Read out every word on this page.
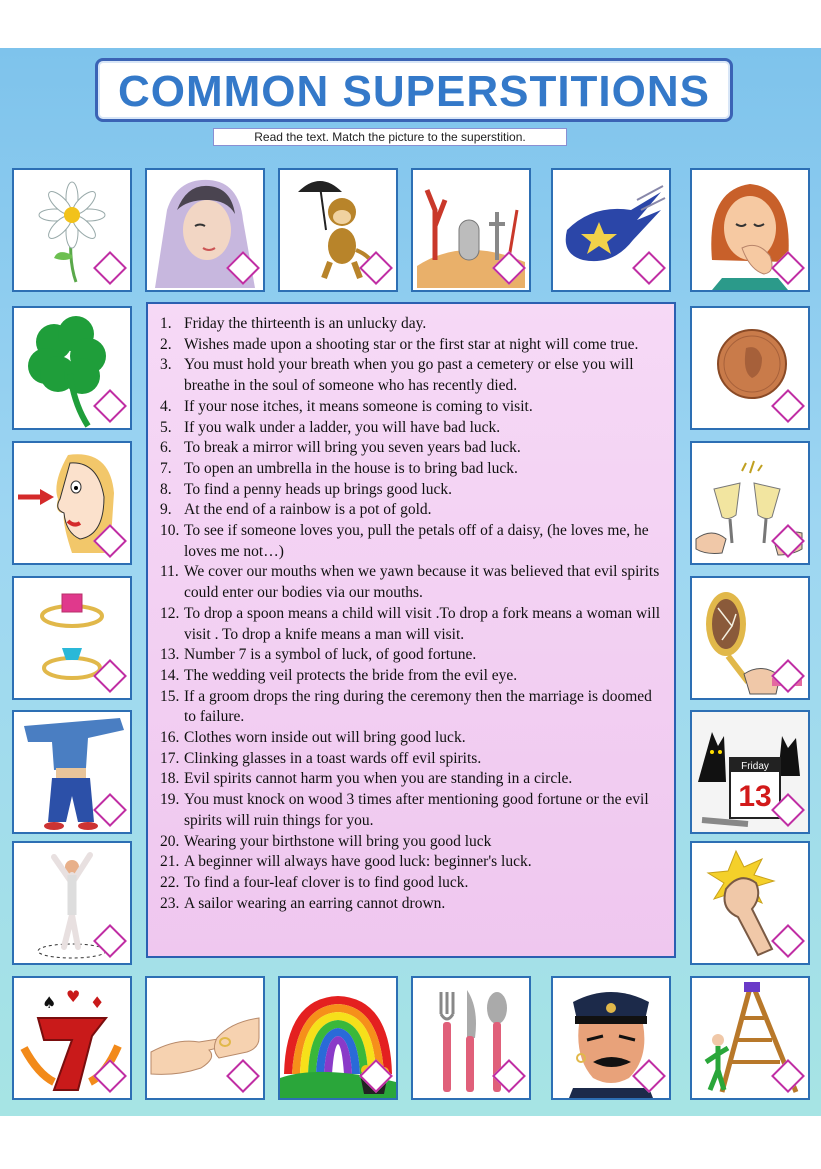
COMMON SUPERSTITIONS
Read the text. Match the picture to the superstition.
Friday
13
♠ ♥ ♦
1. Friday the thirteenth is an unlucky day.
2. Wishes made upon a shooting star or the first star at night will come true.
3. You must hold your breath when you go past a cemetery or else you will breathe in the soul of someone who has recently died.
4. If your nose itches, it means someone is coming to visit.
5. If you walk under a ladder, you will have bad luck.
6. To break a mirror will bring you seven years bad luck.
7. To open an umbrella in the house is to bring bad luck.
8. To find a penny heads up brings good luck.
9. At the end of a rainbow is a pot of gold.
10. To see if someone loves you, pull the petals off of a daisy, (he loves me, he loves me not…)
11. We cover our mouths when we yawn because it was believed that evil spirits could enter our bodies via our mouths.
12. To drop a spoon means a child will visit .To drop a fork means a woman will visit . To drop a knife means a man will visit.
13. Number 7 is a symbol of luck, of good fortune.
14. The wedding veil protects the bride from the evil eye.
15. If a groom drops the ring during the ceremony then the marriage is doomed to failure.
16. Clothes worn inside out will bring good luck.
17. Clinking glasses in a toast wards off evil spirits.
18. Evil spirits cannot harm you when you are standing in a circle.
19. You must knock on wood 3 times after mentioning good fortune or the evil spirits will ruin things for you.
20. Wearing your birthstone will bring you good luck
21. A beginner will always have good luck: beginner's luck.
22. To find a four-leaf clover is to find good luck.
23. A sailor wearing an earring cannot drown.
